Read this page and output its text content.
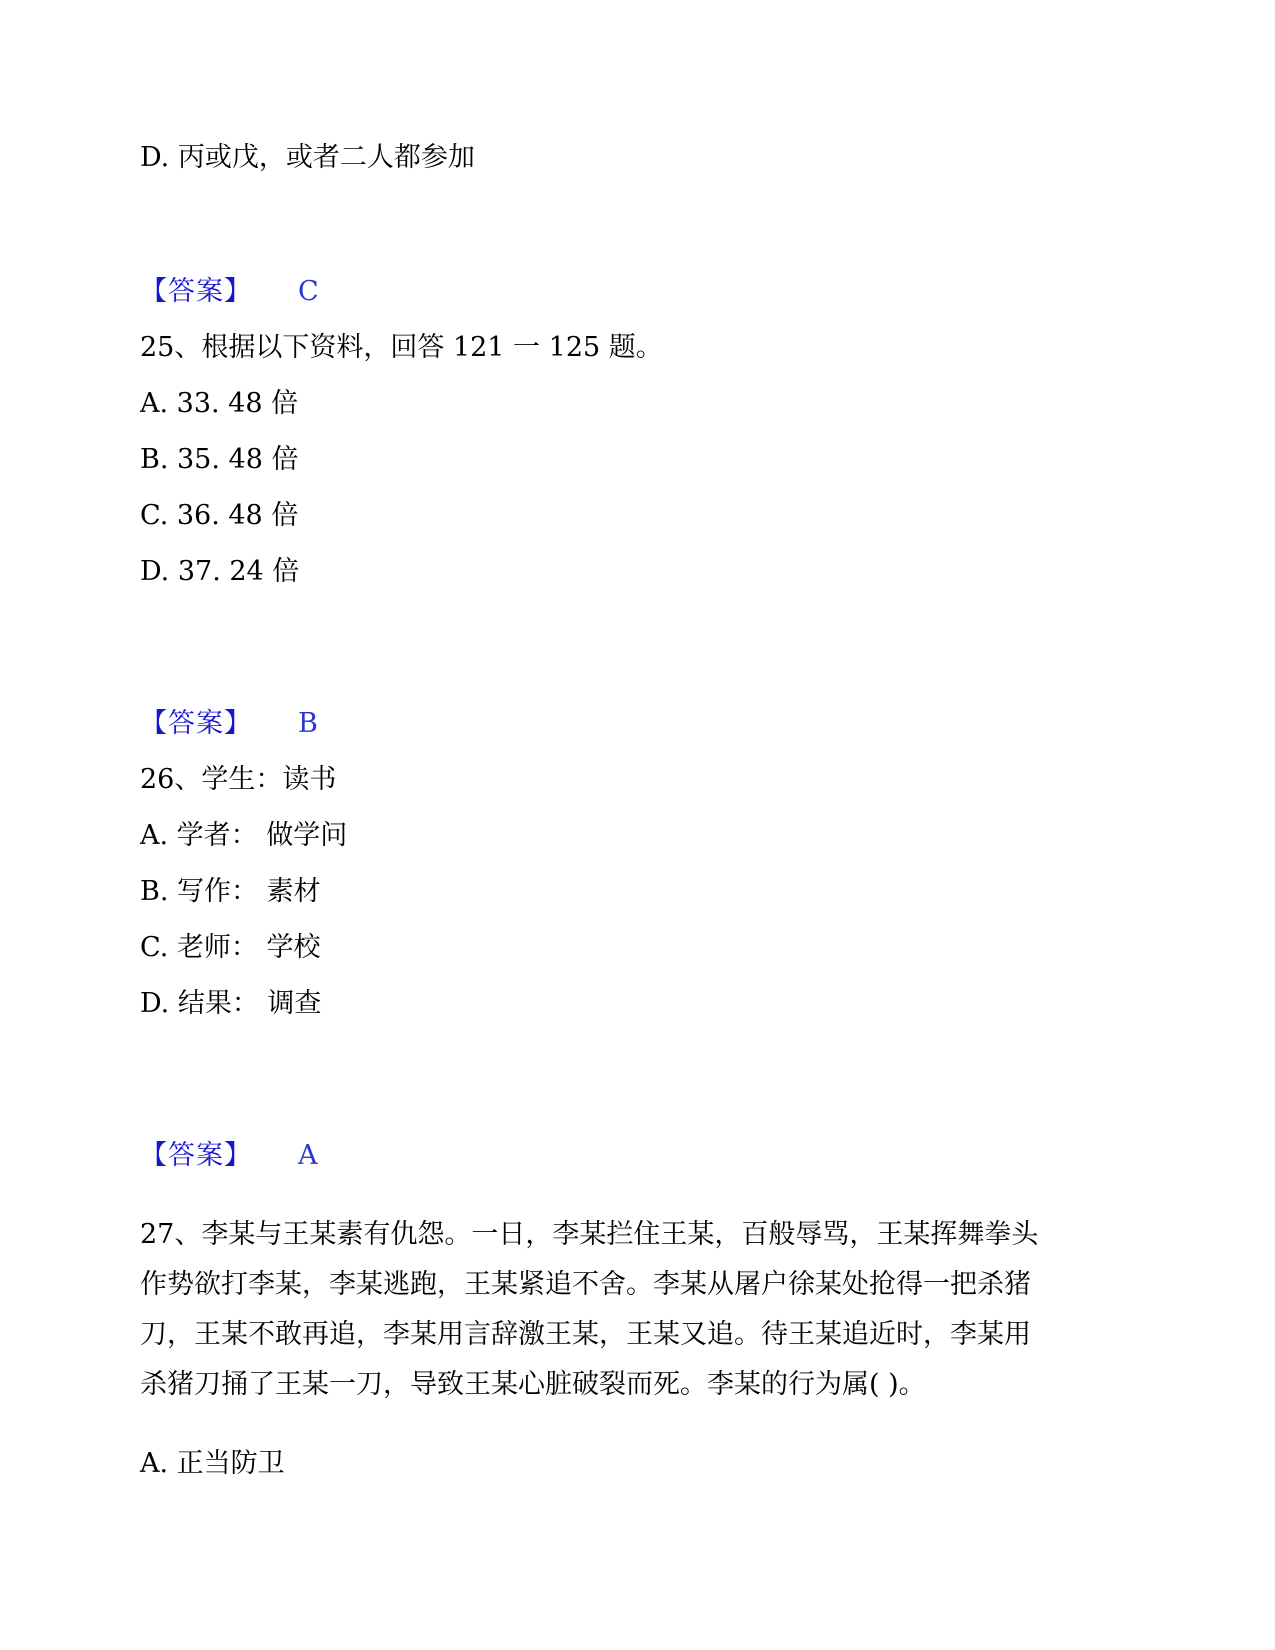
D. 丙或戊，或者二人都参加
【答案】 C
25、根据以下资料，回答 121 一 125 题。
A. 33. 48 倍
B. 35. 48 倍
C. 36. 48 倍
D. 37. 24 倍
【答案】 B
26、学生：读书
A. 学者： 做学问
B. 写作： 素材
C. 老师： 学校
D. 结果： 调查
【答案】 A

27、李某与王某素有仇怨。一日，李某拦住王某，百般辱骂，王某挥舞拳头

作势欲打李某，李某逃跑，王某紧追不舍。李某从屠户徐某处抢得一把杀猪

刀，王某不敢再追，李某用言辞激王某，王某又追。待王某追近时，李某用

杀猪刀捅了王某一刀，导致王某心脏破裂而死。李某的行为属( )。

A. 正当防卫
